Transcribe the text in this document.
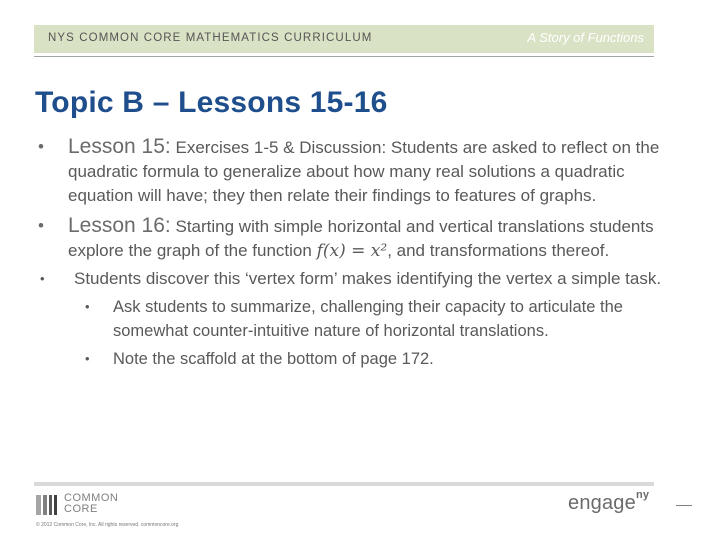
NYS COMMON CORE MATHEMATICS CURRICULUM	A Story of Functions
Topic B – Lessons 15-16
• Lesson 15: Exercises 1-5 & Discussion: Students are asked to reflect on the quadratic formula to generalize about how many real solutions a quadratic equation will have; they then relate their findings to features of graphs.
• Lesson 16: Starting with simple horizontal and vertical translations students explore the graph of the function f(x) = x², and transformations thereof.
• Students discover this ‘vertex form’ makes identifying the vertex a simple task.
• Ask students to summarize, challenging their capacity to articulate the somewhat counter-intuitive nature of horizontal translations.
• Note the scaffold at the bottom of page 172.
COMMON
CORE
© 2012 Common Core, Inc. All rights reserved. commoncore.org
engage$^{ny}$
